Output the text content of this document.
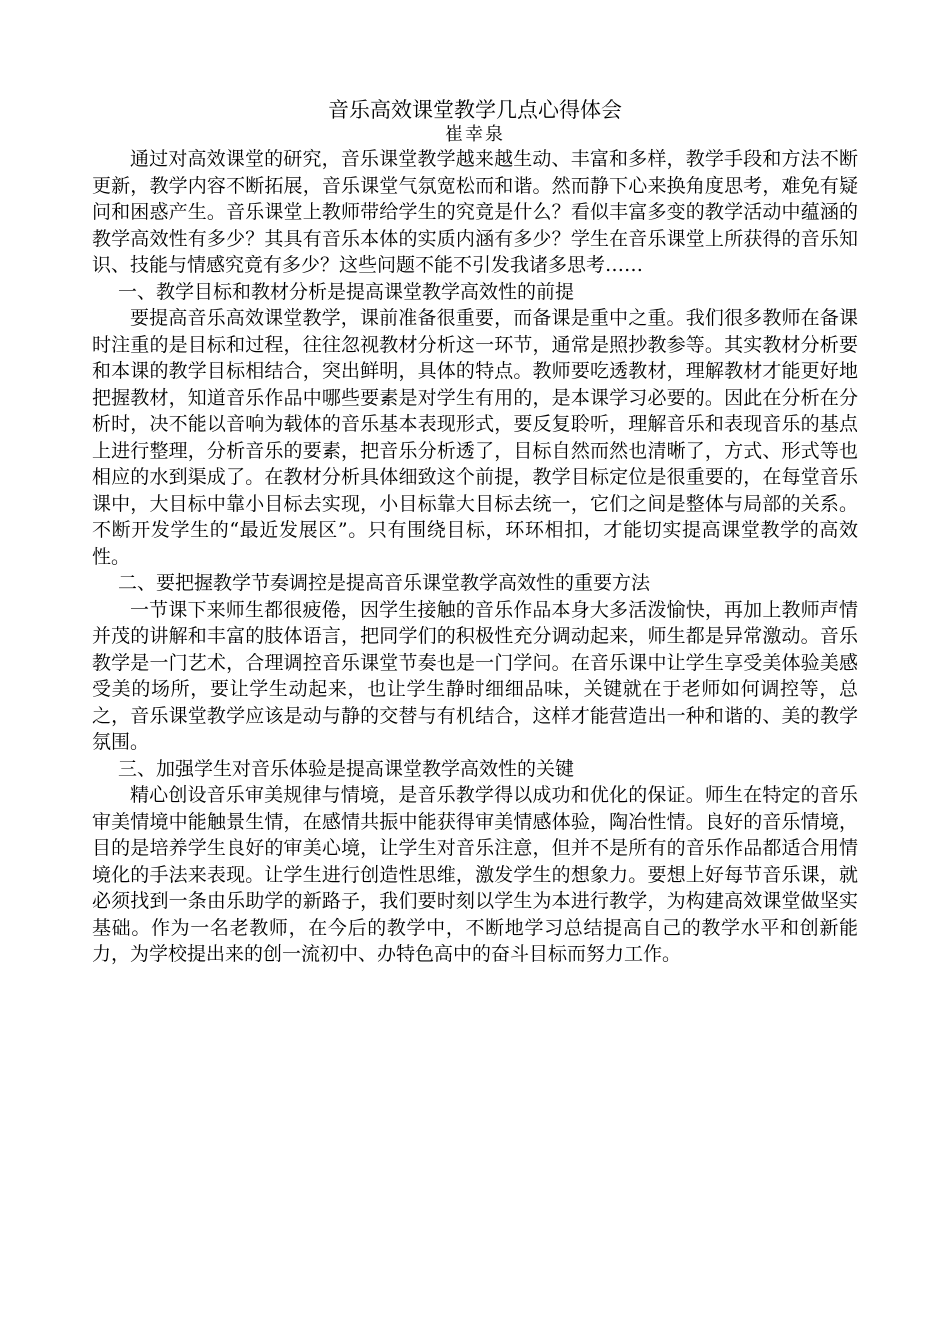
音乐高效课堂教学几点心得体会

崔幸泉

通过对高效课堂的研究，音乐课堂教学越来越生动、丰富和多样，教学手段和方法不断更新，教学内容不断拓展，音乐课堂气氛宽松而和谐。然而静下心来换角度思考，难免有疑问和困惑产生。音乐课堂上教师带给学生的究竟是什么？看似丰富多变的教学活动中蕴涵的教学高效性有多少？其具有音乐本体的实质内涵有多少？学生在音乐课堂上所获得的音乐知识、技能与情感究竟有多少？这些问题不能不引发我诸多思考……

一、教学目标和教材分析是提高课堂教学高效性的前提

要提高音乐高效课堂教学，课前准备很重要，而备课是重中之重。我们很多教师在备课时注重的是目标和过程，往往忽视教材分析这一环节，通常是照抄教参等。其实教材分析要和本课的教学目标相结合，突出鲜明，具体的特点。教师要吃透教材，理解教材才能更好地把握教材，知道音乐作品中哪些要素是对学生有用的，是本课学习必要的。因此在分析在分析时，决不能以音响为载体的音乐基本表现形式，要反复聆听，理解音乐和表现音乐的基点上进行整理，分析音乐的要素，把音乐分析透了，目标自然而然也清晰了，方式、形式等也相应的水到渠成了。在教材分析具体细致这个前提，教学目标定位是很重要的，在每堂音乐课中，大目标中靠小目标去实现，小目标靠大目标去统一，它们之间是整体与局部的关系。不断开发学生的“最近发展区”。只有围绕目标，环环相扣，才能切实提高课堂教学的高效性。

二、要把握教学节奏调控是提高音乐课堂教学高效性的重要方法

一节课下来师生都很疲倦，因学生接触的音乐作品本身大多活泼愉快，再加上教师声情并茂的讲解和丰富的肢体语言，把同学们的积极性充分调动起来，师生都是异常激动。音乐教学是一门艺术，合理调控音乐课堂节奏也是一门学问。在音乐课中让学生享受美体验美感受美的场所，要让学生动起来，也让学生静时细细品味，关键就在于老师如何调控等，总之，音乐课堂教学应该是动与静的交替与有机结合，这样才能营造出一种和谐的、美的教学氛围。

三、加强学生对音乐体验是提高课堂教学高效性的关键

精心创设音乐审美规律与情境，是音乐教学得以成功和优化的保证。师生在特定的音乐审美情境中能触景生情，在感情共振中能获得审美情感体验，陶冶性情。良好的音乐情境，目的是培养学生良好的审美心境，让学生对音乐注意，但并不是所有的音乐作品都适合用情境化的手法来表现。让学生进行创造性思维，激发学生的想象力。要想上好每节音乐课，就必须找到一条由乐助学的新路子，我们要时刻以学生为本进行教学，为构建高效课堂做坚实基础。作为一名老教师，在今后的教学中，不断地学习总结提高自己的教学水平和创新能力，为学校提出来的创一流初中、办特色高中的奋斗目标而努力工作。
